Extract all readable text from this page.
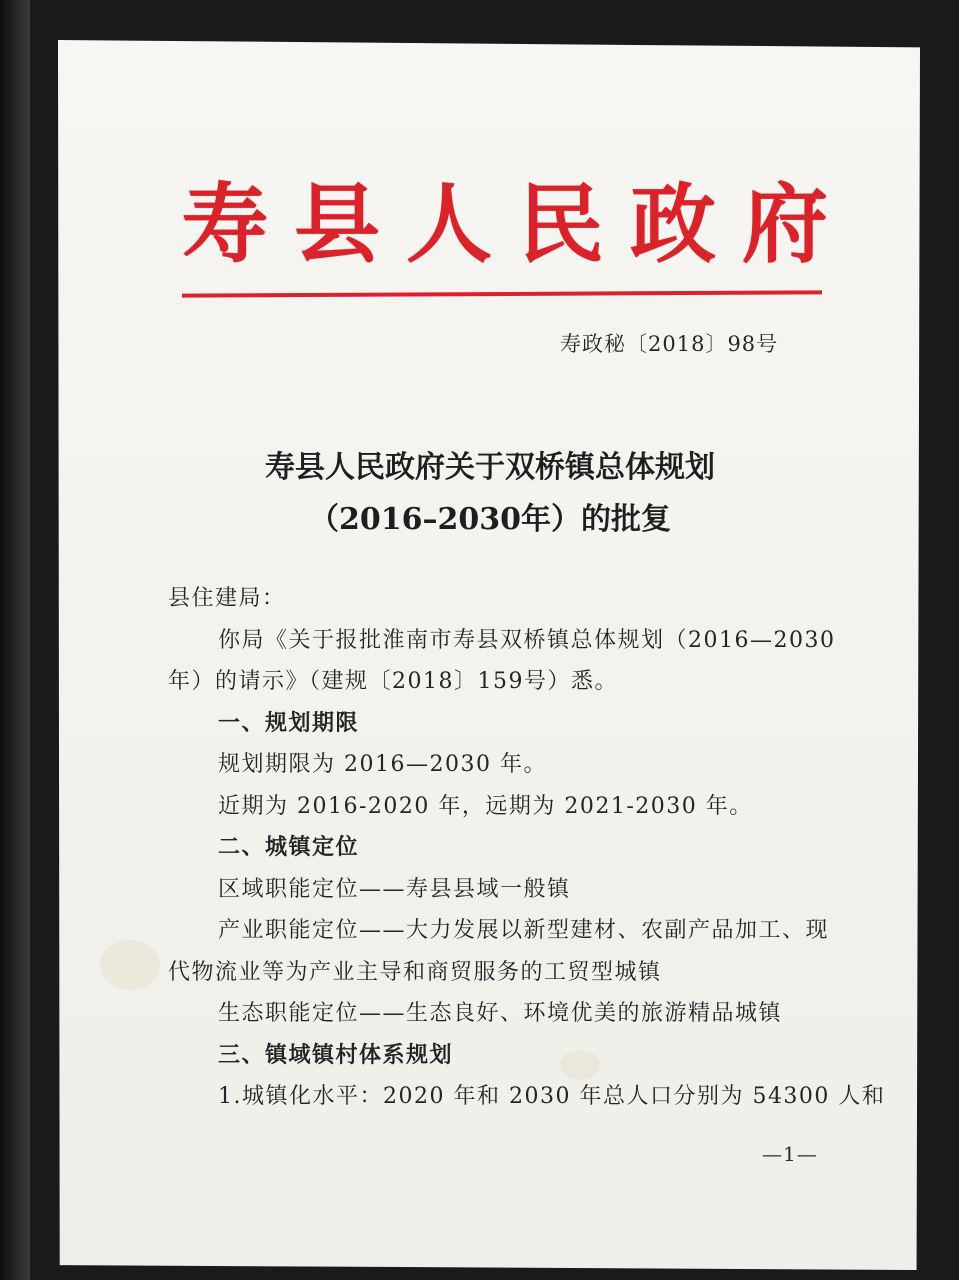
寿县人民政府
寿政秘〔2018〕98号
寿县人民政府关于双桥镇总体规划
（2016–2030年）的批复
县住建局：
你局《关于报批淮南市寿县双桥镇总体规划（2016—2030
年）的请示》（建规〔2018〕159号）悉。
一、规划期限
规划期限为 2016—2030 年。
近期为 2016-2020 年，远期为 2021-2030 年。
二、城镇定位
区域职能定位——寿县县域一般镇
产业职能定位——大力发展以新型建材、农副产品加工、现
代物流业等为产业主导和商贸服务的工贸型城镇
生态职能定位——生态良好、环境优美的旅游精品城镇
三、镇域镇村体系规划
1.城镇化水平：2020 年和 2030 年总人口分别为 54300 人和
—1—
